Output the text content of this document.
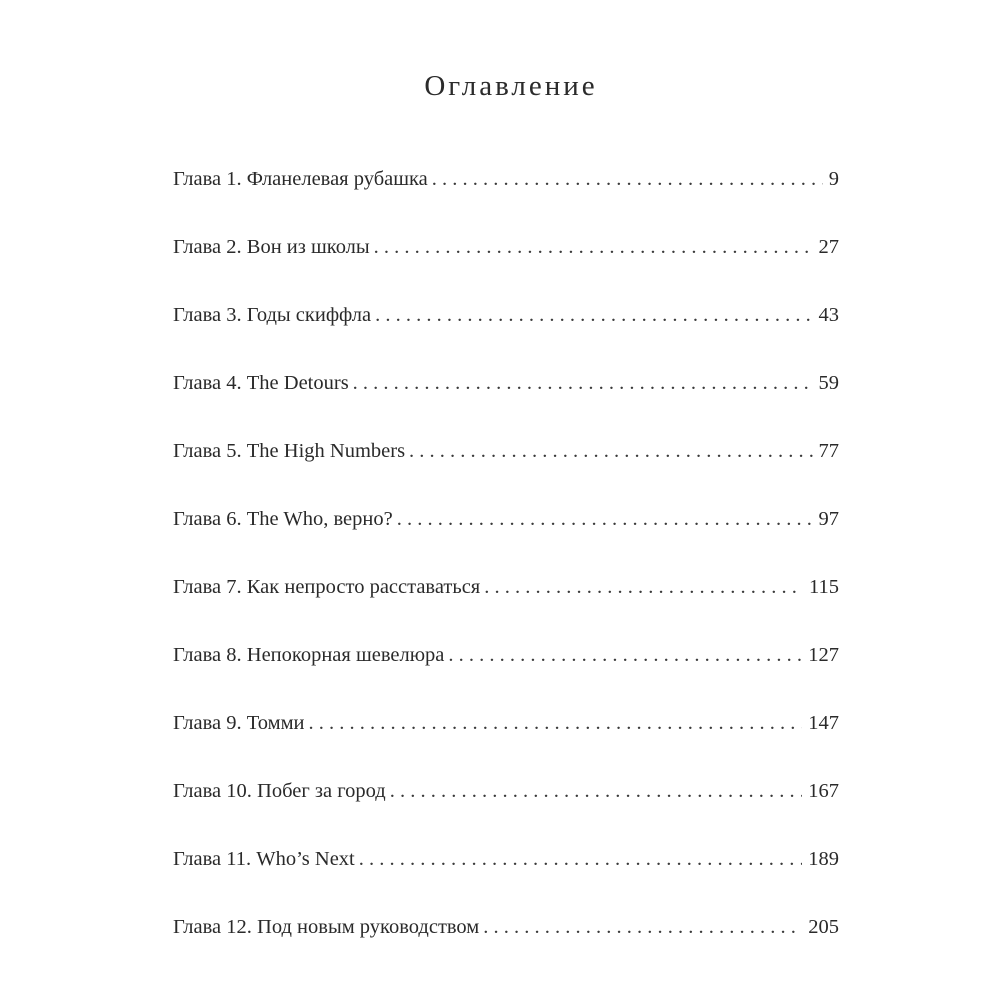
Оглавление
Глава 1. Фланелевая рубашка . . .	9
Глава 2. Вон из школы . . .	27
Глава 3. Годы скиффла . . .	43
Глава 4. The Detours . . .	59
Глава 5. The High Numbers . . .	77
Глава 6. The Who, верно? . . .	97
Глава 7. Как непросто расставаться . . .	115
Глава 8. Непокорная шевелюра . . .	127
Глава 9. Томми . . .	147
Глава 10. Побег за город . . .	167
Глава 11. Who’s Next . . .	189
Глава 12. Под новым руководством . . .	205
